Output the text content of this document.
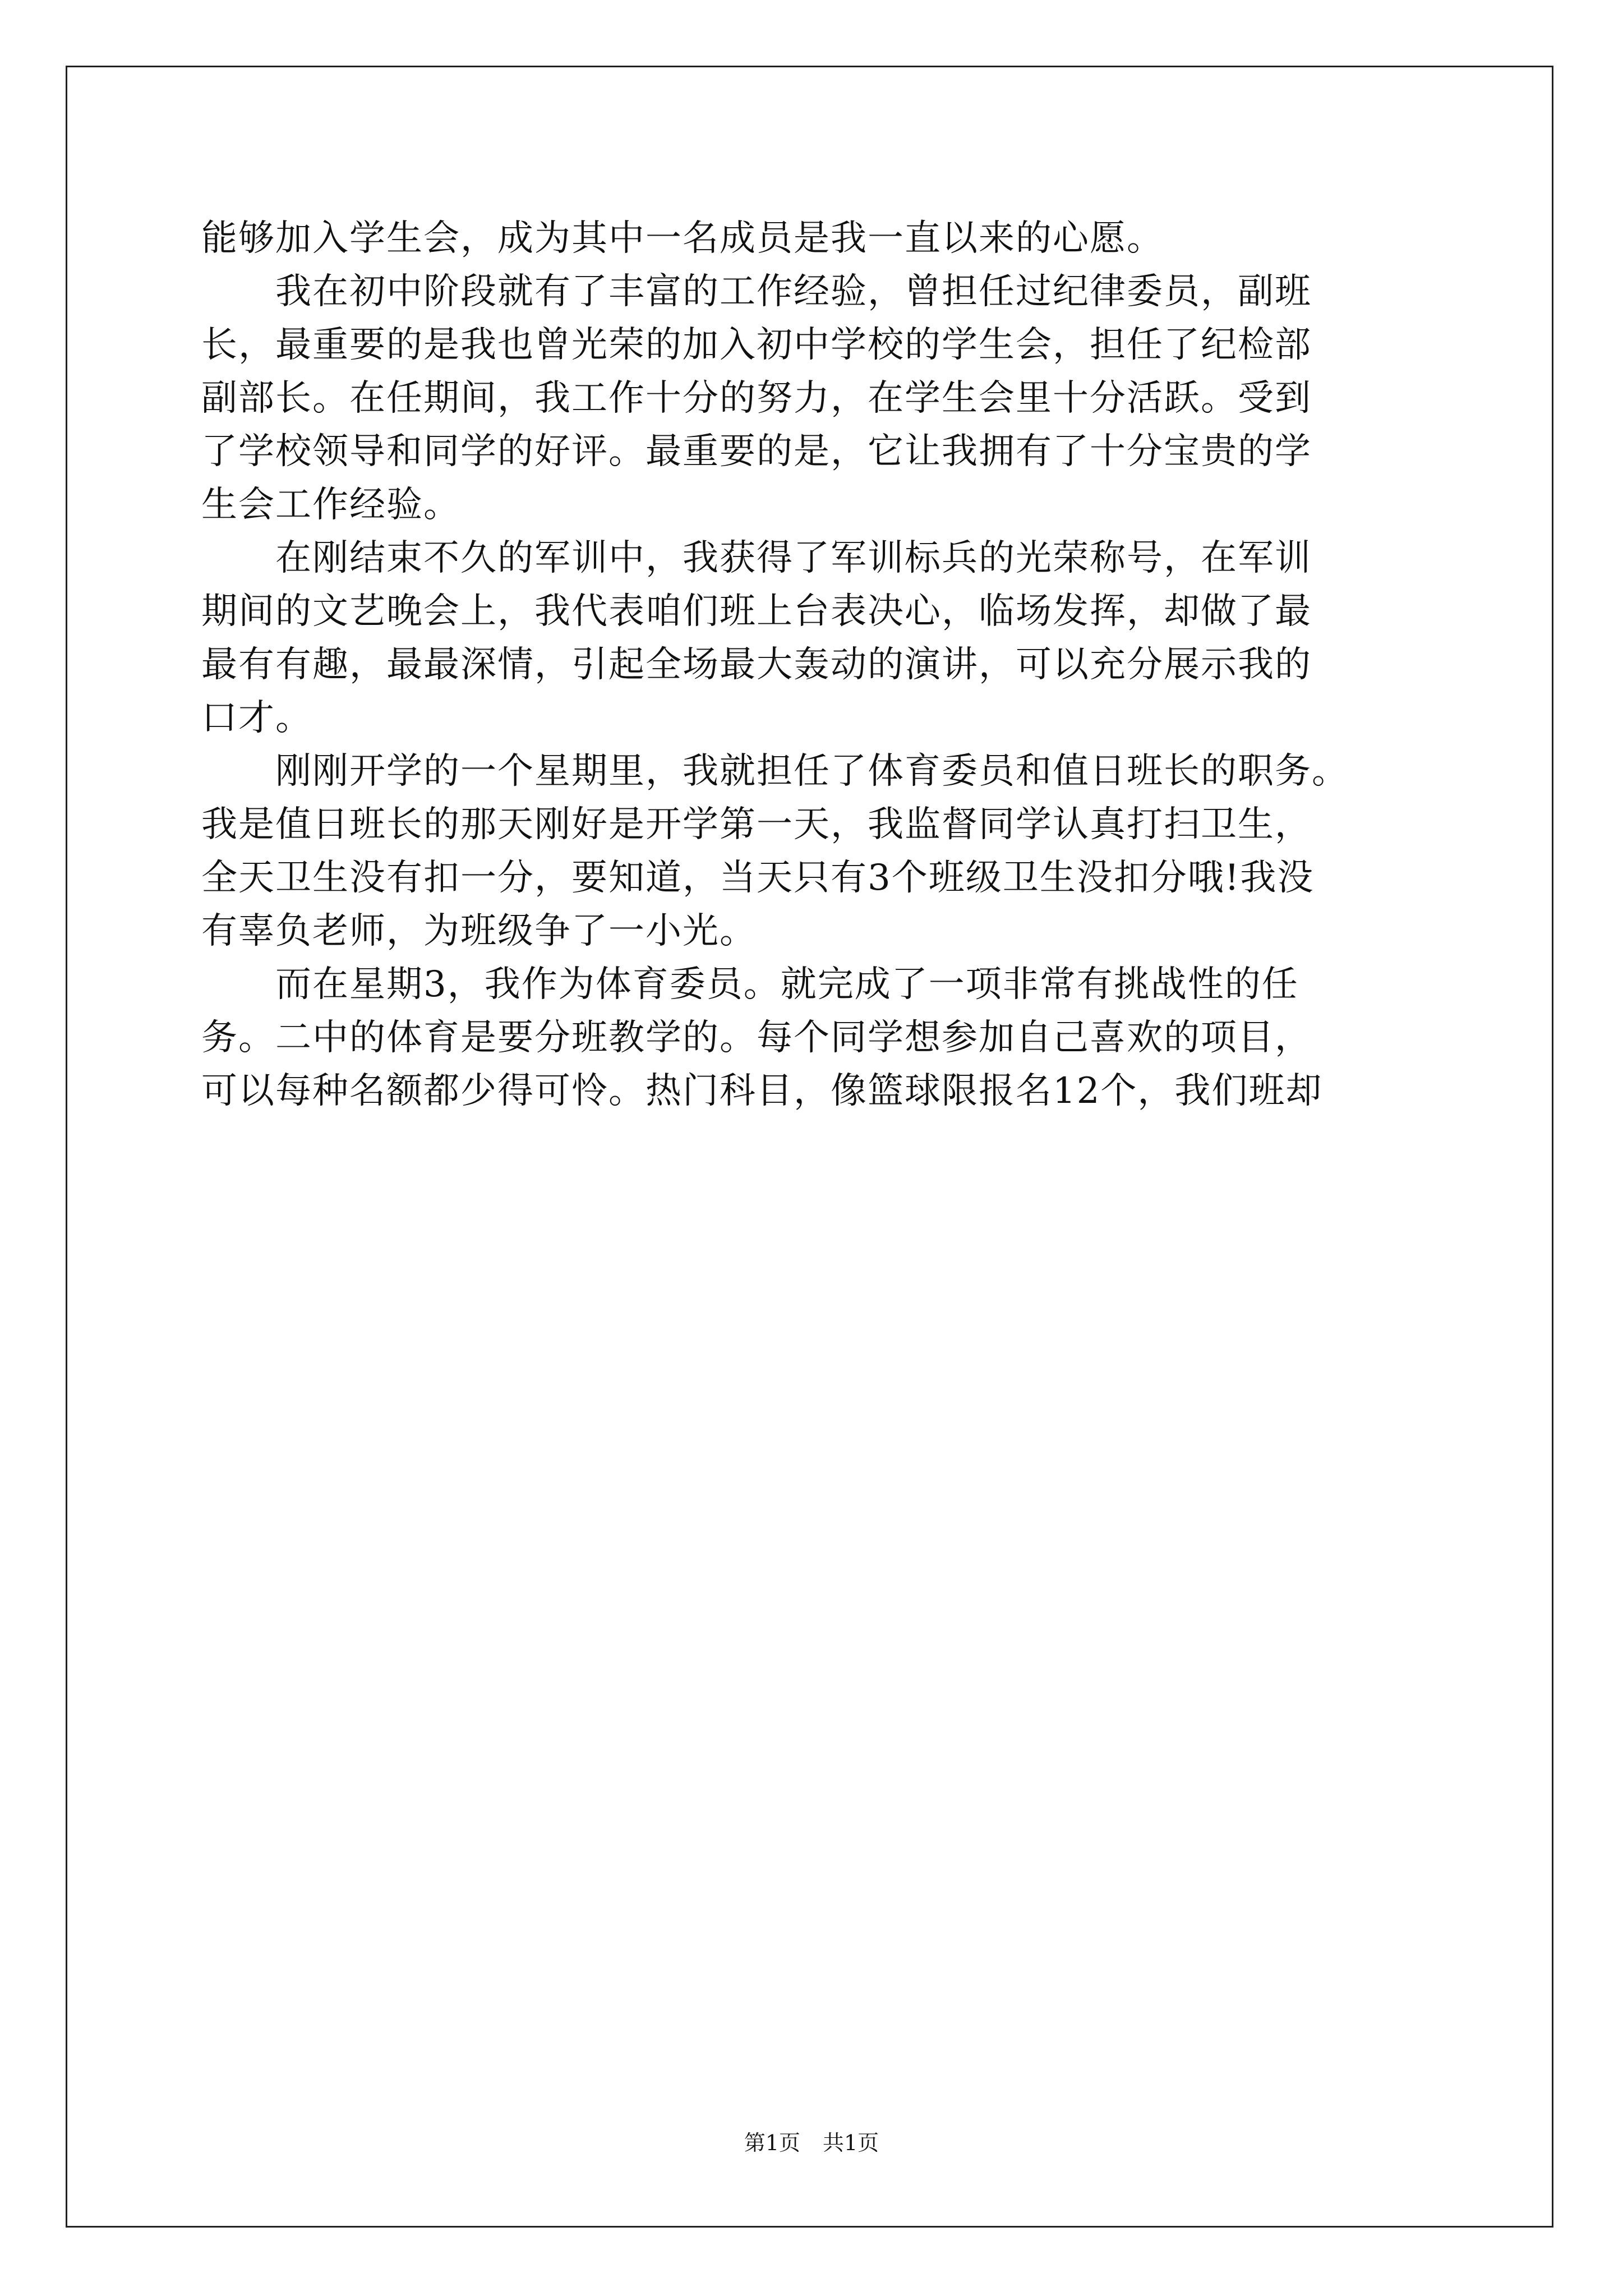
能够加入学生会，成为其中一名成员是我一直以来的心愿。
我在初中阶段就有了丰富的工作经验，曾担任过纪律委员，副班
长，最重要的是我也曾光荣的加入初中学校的学生会，担任了纪检部
副部长。在任期间，我工作十分的努力，在学生会里十分活跃。受到
了学校领导和同学的好评。最重要的是，它让我拥有了十分宝贵的学
生会工作经验。
在刚结束不久的军训中，我获得了军训标兵的光荣称号，在军训
期间的文艺晚会上，我代表咱们班上台表决心，临场发挥，却做了最
最有有趣，最最深情，引起全场最大轰动的演讲，可以充分展示我的
口才。
刚刚开学的一个星期里，我就担任了体育委员和值日班长的职务。
我是值日班长的那天刚好是开学第一天，我监督同学认真打扫卫生，
全天卫生没有扣一分，要知道，当天只有3个班级卫生没扣分哦!我没
有辜负老师，为班级争了一小光。
而在星期3，我作为体育委员。就完成了一项非常有挑战性的任
务。二中的体育是要分班教学的。每个同学想参加自己喜欢的项目，
可以每种名额都少得可怜。热门科目，像篮球限报名12个，我们班却
第1页 共1页
